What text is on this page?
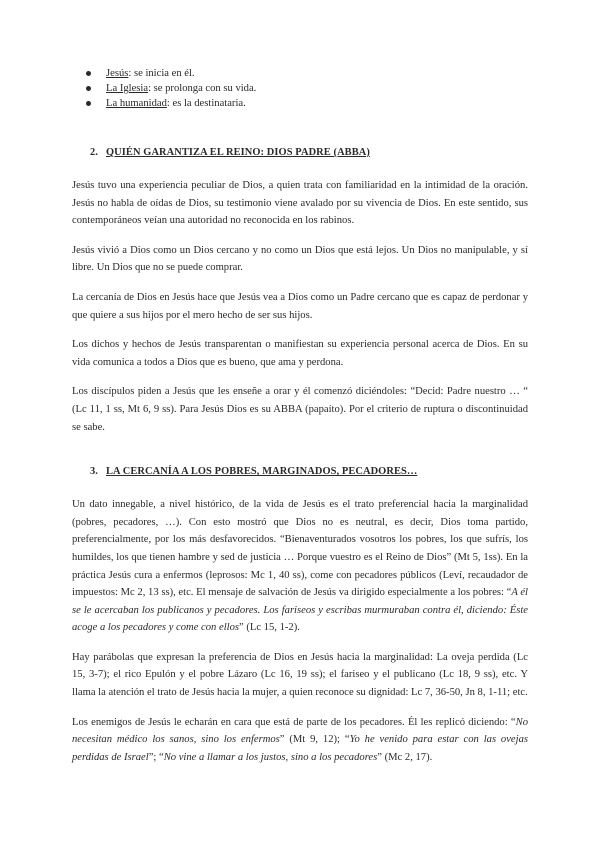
Jesús: se inicia en él.
La Iglesia: se prolonga con su vida.
La humanidad: es la destinataria.
2. QUIÉN GARANTIZA EL REINO: DIOS PADRE (ABBA)

Jesús tuvo una experiencia peculiar de Dios, a quien trata con familiaridad en la intimidad de la oración. Jesús no habla de oídas de Dios, su testimonio viene avalado por su vivencia de Dios. En este sentido, sus contemporáneos veían una autoridad no reconocida en los rabinos.

Jesús vivió a Dios como un Dios cercano y no como un Dios que está lejos. Un Dios no manipulable, y sí libre. Un Dios que no se puede comprar.

La cercanía de Dios en Jesús hace que Jesús vea a Dios como un Padre cercano que es capaz de perdonar y que quiere a sus hijos por el mero hecho de ser sus hijos.

Los dichos y hechos de Jesús transparentan o manifiestan su experiencia personal acerca de Dios. En su vida comunica a todos a Dios que es bueno, que ama y perdona.

Los discípulos piden a Jesús que les enseñe a orar y él comenzó diciéndoles: “Decid: Padre nuestro … “ (Lc 11, 1 ss, Mt 6, 9 ss). Para Jesús Dios es su ABBA (papaíto). Por el criterio de ruptura o discontinuidad se sabe.

3. LA CERCANÍA A LOS POBRES, MARGINADOS, PECADORES…

Un dato innegable, a nivel histórico, de la vida de Jesús es el trato preferencial hacia la marginalidad (pobres, pecadores, …). Con esto mostró que Dios no es neutral, es decir, Dios toma partido, preferencialmente, por los más desfavorecidos. “Bienaventurados vosotros los pobres, los que sufrís, los humildes, los que tienen hambre y sed de justicia … Porque vuestro es el Reino de Dios” (Mt 5, 1ss). En la práctica Jesús cura a enfermos (leprosos: Mc 1, 40 ss), come con pecadores públicos (Leví, recaudador de impuestos: Mc 2, 13 ss), etc. El mensaje de salvación de Jesús va dirigido especialmente a los pobres: “A él se le acercaban los publicanos y pecadores. Los fariseos y escribas murmuraban contra él, diciendo: Éste acoge a los pecadores y come con ellos” (Lc 15, 1-2).

Hay parábolas que expresan la preferencia de Dios en Jesús hacia la marginalidad: La oveja perdida (Lc 15, 3-7); el rico Epulón y el pobre Lázaro (Lc 16, 19 ss); el fariseo y el publicano (Lc 18, 9 ss), etc. Y llama la atención el trato de Jesús hacia la mujer, a quien reconoce su dignidad: Lc 7, 36-50, Jn 8, 1-11; etc.

Los enemigos de Jesús le echarán en cara que está de parte de los pecadores. Él les replicó diciendo: “No necesitan médico los sanos, sino los enfermos” (Mt 9, 12); “Yo he venido para estar con las ovejas perdidas de Israel”; “No vine a llamar a los justos, sino a los pecadores” (Mc 2, 17).
